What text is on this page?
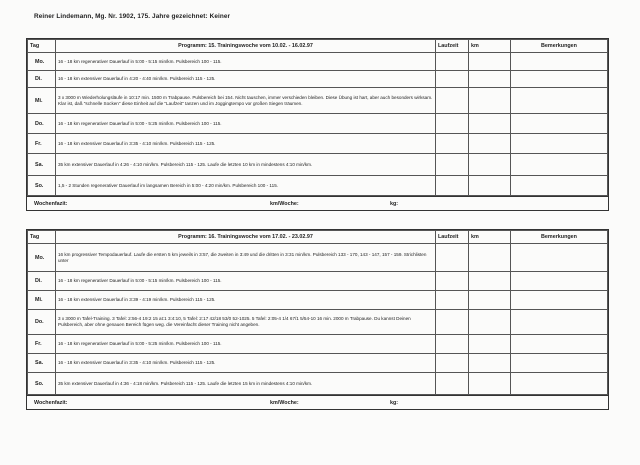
Reiner Lindemann, Mg. Nr. 1902, 175. Jahre gezeichnet: Keiner
Tag	Programm: 15. Trainingswoche vom 10.02. - 16.02.97	Laufzeit	km	Bemerkungen
Mo.	16 - 18 km regenerativer Dauerlauf in 5:00 - 5:15 min/km. Pulsbereich 100 - 115.			
Di.	16 - 18 km extensiver Dauerlauf in 4:20 - 4:40 min/km. Pulsbereich 115 - 125.			
Mi.	3 x 3000 m Wiederholungsläufe in 10:17 min. 1500 m Trabpause. Pulsbereich bei 154. Nicht tauschen, immer verschieden bleiben. Diese Übung ist hart, aber auch besonders wirksam. Klar ist, daß "schnelle Socken" diese Einheit auf die "Laufzeit" tanzen und im Joggingtempo vor großen Siegen träumen.			
Do.	16 - 18 km regenerativer Dauerlauf in 5:00 - 5:25 min/km. Pulsbereich 100 - 115.			
Fr.	16 - 18 km extensiver Dauerlauf in 3:35 - 4:10 min/km. Pulsbereich 115 - 125.			
Sa.	35 km extensiver Dauerlauf in 4:26 - 4:10 min/km. Pulsbereich 115 - 125. Laufe die letzten 10 km in mindestens 4:10 min/km.			
So.	1,5 - 2 Stunden regenerativer Dauerlauf im langsamen Bereich in 5:00 - 4:20 min/km. Pulsbereich 100 - 115.			
Wochenfazit:	km/Woche:	kg:
Tag	Programm: 16. Trainingswoche vom 17.02. - 23.02.97	Laufzeit	km	Bemerkungen
Mo.	16 km progressiver Tempodauerlauf. Laufe die ersten 5 km jeweils in 3:57, die zweiten in 3:49 und die dritten in 3:31 min/km. Pulsbereich 133 - 170, 143 - 147, 157 - 159. Strichlisten unter			
Di.	16 - 18 km regenerativer Dauerlauf in 5:00 - 5:15 min/km. Pulsbereich 100 - 115.			
Mi.	16 - 18 km extensiver Dauerlauf in 3:39 - 4:19 min/km. Pulsbereich 115 - 125.			
Do.	3 x 3000 m Tafel-Training. 3 Tafel: 2:56-4 19:2 15 at:1 3:4:10, 5 Tafel: 2:17 42/18 53/0 52-1025. 5 Tafel: 2:05-4 1/4 67/1 5/54-10 16 min. 2000 m Trabpause. Du kannst Deinen Pulsbereich, aber ohne genauen Bereich fügen weg. die Vereinfacht dieser Training nicht angeben.			
Fr.	16 - 18 km regenerativer Dauerlauf in 5:00 - 5:25 min/km. Pulsbereich 100 - 115.			
Sa.	16 - 18 km extensiver Dauerlauf in 3:35 - 4:10 min/km. Pulsbereich 115 - 125.			
So.	35 km extensiver Dauerlauf in 4:36 - 4:18 min/km. Pulsbereich 115 - 125. Laufe die letzten 15 km in mindestens 4:10 min/km.			
Wochenfazit:	km/Woche:	kg:
